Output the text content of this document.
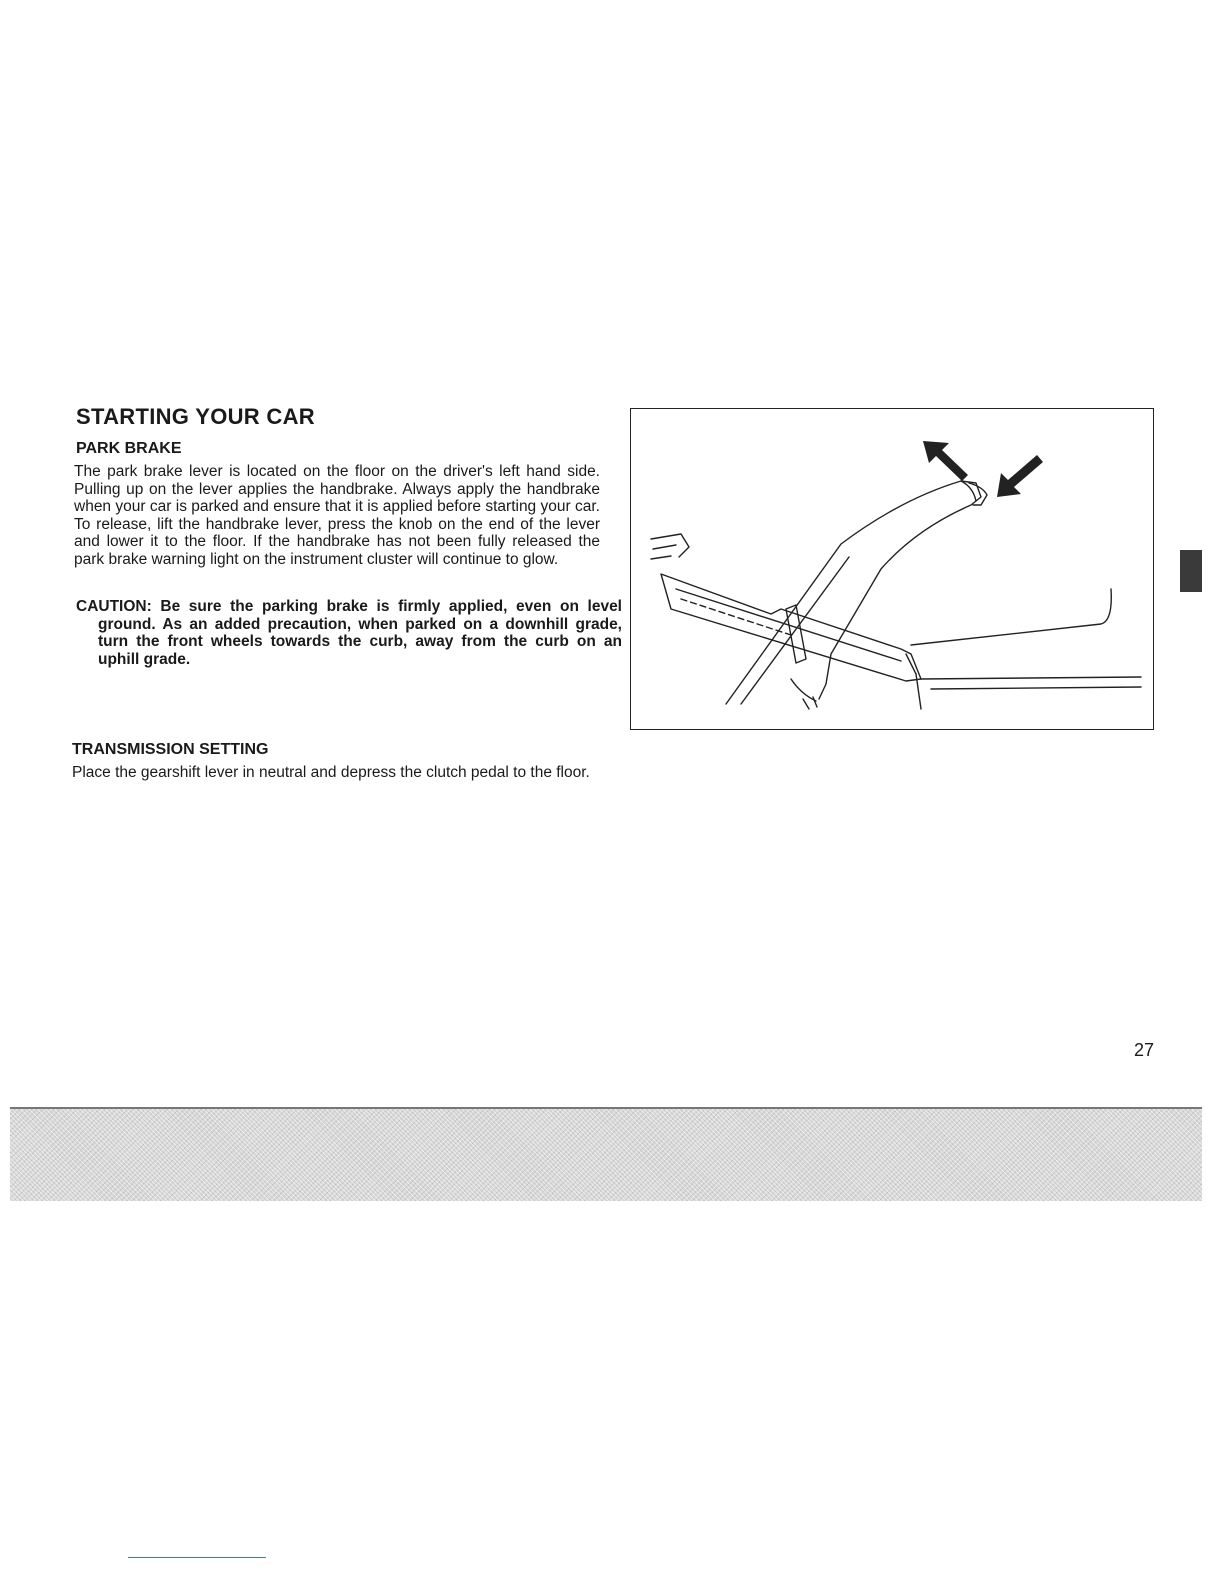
STARTING YOUR CAR
PARK BRAKE

The park brake lever is located on the floor on the driver's left hand side. Pulling up on the lever applies the handbrake. Always apply the handbrake when your car is parked and ensure that it is applied before starting your car. To release, lift the handbrake lever, press the knob on the end of the lever and lower it to the floor. If the handbrake has not been fully released the park brake warning light on the instrument cluster will continue to glow.

CAUTION: Be sure the parking brake is firmly applied, even on level ground. As an added precaution, when parked on a downhill grade, turn the front wheels towards the curb, away from the curb on an uphill grade.

TRANSMISSION SETTING

Place the gearshift lever in neutral and depress the clutch pedal to the floor.

27
